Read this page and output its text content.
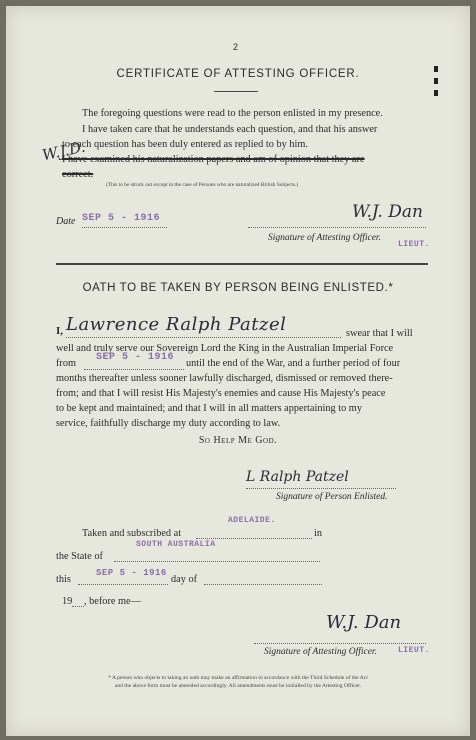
2
CERTIFICATE OF ATTESTING OFFICER.
The foregoing questions were read to the person enlisted in my presence.
I have taken care that he understands each question, and that his answer
to each question has been duly entered as replied to by him.
I have examined his naturalization papers and am of opinion that they are
correct.
(This to be struck out except in the case of Persons who are naturalized British Subjects.)
W.J.D.
Date SEP 5 - 1916	W.J. Dan
Signature of Attesting Officer.
LIEUT.
OATH TO BE TAKEN BY PERSON BEING ENLISTED.*
I, Lawrence Ralph Patzel	swear that I will
well and truly serve our Sovereign Lord the King in the Australian Imperial Force
from
SEP 5 - 1916
until the end of the War, and a further period of four
months thereafter unless sooner lawfully discharged, dismissed or removed there-
from; and that I will resist His Majesty's enemies and cause His Majesty's peace
to be kept and maintained; and that I will in all matters appertaining to my
service, faithfully discharge my duty according to law.
So Help Me God.
L Ralph Patzel
Signature of Person Enlisted.
ADELAIDE.
Taken and subscribed at	in
the State of
SOUTH AUSTRALIA
this
SEP 5 - 1916
day of
19 , before me—
W.J. Dan
Signature of Attesting Officer.	LIEUT.
* A person who objects to taking an oath may make an affirmation in accordance with the Third Schedule of the Act
and the above form must be amended accordingly. All amendments must be initialled by the Attesting Officer.
